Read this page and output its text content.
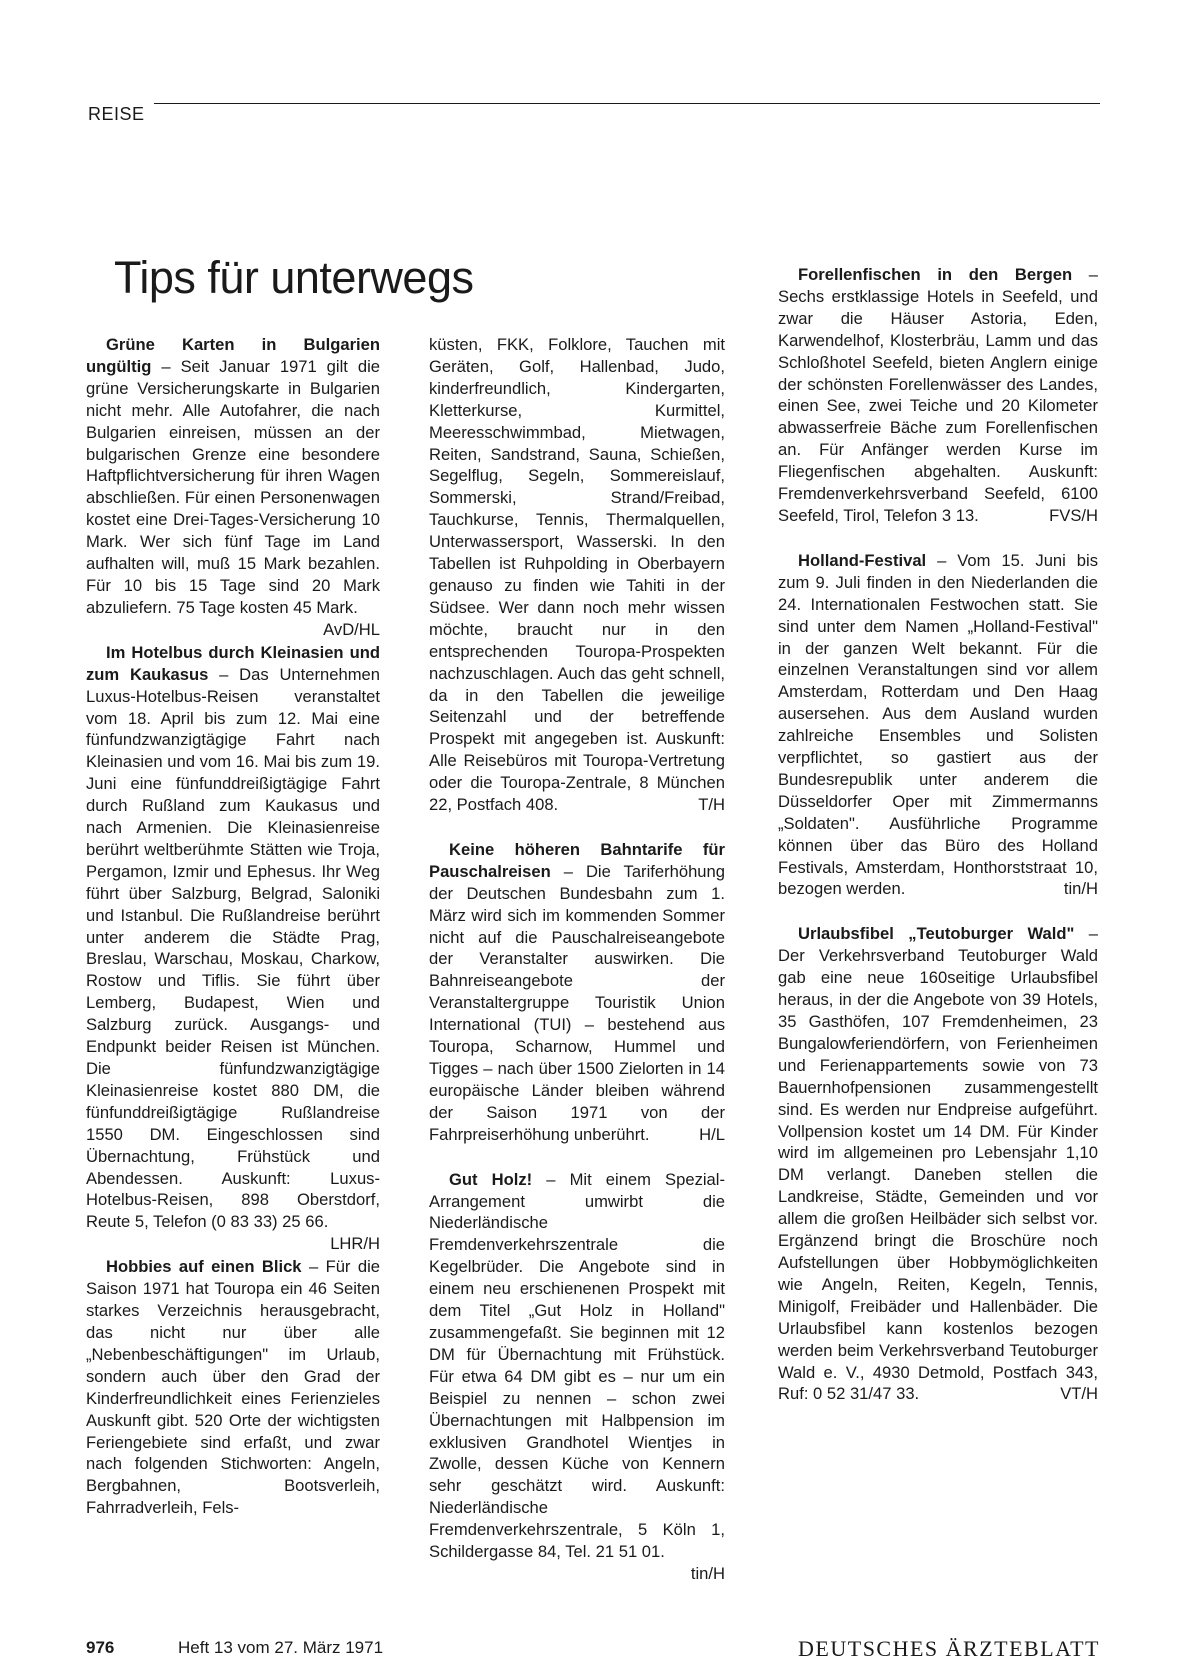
REISE
Tips für unterwegs

Grüne Karten in Bulgarien ungültig – Seit Januar 1971 gilt die grüne Versicherungskarte in Bulgarien nicht mehr. Alle Autofahrer, die nach Bulgarien einreisen, müssen an der bulgarischen Grenze eine besondere Haftpflichtversicherung für ihren Wagen abschließen. Für einen Personenwagen kostet eine Drei-Tages-Versicherung 10 Mark. Wer sich fünf Tage im Land aufhalten will, muß 15 Mark bezahlen. Für 10 bis 15 Tage sind 20 Mark abzuliefern. 75 Tage kosten 45 Mark.
AvD/HL

Im Hotelbus durch Kleinasien und zum Kaukasus – Das Unternehmen Luxus-Hotelbus-Reisen veranstaltet vom 18. April bis zum 12. Mai eine fünfundzwanzigtägige Fahrt nach Kleinasien und vom 16. Mai bis zum 19. Juni eine fünfunddreißigtägige Fahrt durch Rußland zum Kaukasus und nach Armenien. Die Kleinasienreise berührt weltberühmte Stätten wie Troja, Pergamon, Izmir und Ephesus. Ihr Weg führt über Salzburg, Belgrad, Saloniki und Istanbul. Die Rußlandreise berührt unter anderem die Städte Prag, Breslau, Warschau, Moskau, Charkow, Rostow und Tiflis. Sie führt über Lemberg, Budapest, Wien und Salzburg zurück. Ausgangs- und Endpunkt beider Reisen ist München. Die fünfundzwanzigtägige Kleinasienreise kostet 880 DM, die fünfunddreißigtägige Rußlandreise 1550 DM. Eingeschlossen sind Übernachtung, Frühstück und Abendessen. Auskunft: Luxus-Hotelbus-Reisen, 898 Oberstdorf, Reute 5, Telefon (0 83 33) 25 66.
LHR/H

Hobbies auf einen Blick – Für die Saison 1971 hat Touropa ein 46 Seiten starkes Verzeichnis herausgebracht, das nicht nur über alle „Nebenbeschäftigungen" im Urlaub, sondern auch über den Grad der Kinderfreundlichkeit eines Ferienzieles Auskunft gibt. 520 Orte der wichtigsten Feriengebiete sind erfaßt, und zwar nach folgenden Stichworten: Angeln, Bergbahnen, Bootsverleih, Fahrradverleih, Fels-

küsten, FKK, Folklore, Tauchen mit Geräten, Golf, Hallenbad, Judo, kinderfreundlich, Kindergarten, Kletterkurse, Kurmittel, Meeresschwimmbad, Mietwagen, Reiten, Sandstrand, Sauna, Schießen, Segelflug, Segeln, Sommereislauf, Sommerski, Strand/Freibad, Tauchkurse, Tennis, Thermalquellen, Unterwassersport, Wasserski. In den Tabellen ist Ruhpolding in Oberbayern genauso zu finden wie Tahiti in der Südsee. Wer dann noch mehr wissen möchte, braucht nur in den entsprechenden Touropa-Prospekten nachzuschlagen. Auch das geht schnell, da in den Tabellen die jeweilige Seitenzahl und der betreffende Prospekt mit angegeben ist. Auskunft: Alle Reisebüros mit Touropa-Vertretung oder die Touropa-Zentrale, 8 München 22, Postfach 408.	T/H

Keine höheren Bahntarife für Pauschalreisen – Die Tariferhöhung der Deutschen Bundesbahn zum 1. März wird sich im kommenden Sommer nicht auf die Pauschalreiseangebote der Veranstalter auswirken. Die Bahnreiseangebote der Veranstaltergruppe Touristik Union International (TUI) – bestehend aus Touropa, Scharnow, Hummel und Tigges – nach über 1500 Zielorten in 14 europäische Länder bleiben während der Saison 1971 von der Fahrpreiserhöhung unberührt.	H/L

Gut Holz! – Mit einem Spezial-Arrangement umwirbt die Niederländische Fremdenverkehrszentrale die Kegelbrüder. Die Angebote sind in einem neu erschienenen Prospekt mit dem Titel „Gut Holz in Holland" zusammengefaßt. Sie beginnen mit 12 DM für Übernachtung mit Frühstück. Für etwa 64 DM gibt es – nur um ein Beispiel zu nennen – schon zwei Übernachtungen mit Halbpension im exklusiven Grandhotel Wientjes in Zwolle, dessen Küche von Kennern sehr geschätzt wird. Auskunft: Niederländische Fremdenverkehrszentrale, 5 Köln 1, Schildergasse 84, Tel. 21 51 01.
tin/H

Forellenfischen in den Bergen – Sechs erstklassige Hotels in Seefeld, und zwar die Häuser Astoria, Eden, Karwendelhof, Klosterbräu, Lamm und das Schloßhotel Seefeld, bieten Anglern einige der schönsten Forellenwässer des Landes, einen See, zwei Teiche und 20 Kilometer abwasserfreie Bäche zum Forellenfischen an. Für Anfänger werden Kurse im Fliegenfischen abgehalten. Auskunft: Fremdenverkehrsverband Seefeld, 6100 Seefeld, Tirol, Telefon 3 13.	FVS/H

Holland-Festival – Vom 15. Juni bis zum 9. Juli finden in den Niederlanden die 24. Internationalen Festwochen statt. Sie sind unter dem Namen „Holland-Festival" in der ganzen Welt bekannt. Für die einzelnen Veranstaltungen sind vor allem Amsterdam, Rotterdam und Den Haag ausersehen. Aus dem Ausland wurden zahlreiche Ensembles und Solisten verpflichtet, so gastiert aus der Bundesrepublik unter anderem die Düsseldorfer Oper mit Zimmermanns „Soldaten". Ausführliche Programme können über das Büro des Holland Festivals, Amsterdam, Honthorststraat 10, bezogen werden.	tin/H

Urlaubsfibel „Teutoburger Wald" – Der Verkehrsverband Teutoburger Wald gab eine neue 160seitige Urlaubsfibel heraus, in der die Angebote von 39 Hotels, 35 Gasthöfen, 107 Fremdenheimen, 23 Bungalowferiendörfern, von Ferienheimen und Ferienappartements sowie von 73 Bauernhofpensionen zusammengestellt sind. Es werden nur Endpreise aufgeführt. Vollpension kostet um 14 DM. Für Kinder wird im allgemeinen pro Lebensjahr 1,10 DM verlangt. Daneben stellen die Landkreise, Städte, Gemeinden und vor allem die großen Heilbäder sich selbst vor. Ergänzend bringt die Broschüre noch Aufstellungen über Hobbymöglichkeiten wie Angeln, Reiten, Kegeln, Tennis, Minigolf, Freibäder und Hallenbäder. Die Urlaubsfibel kann kostenlos bezogen werden beim Verkehrsverband Teutoburger Wald e. V., 4930 Detmold, Postfach 343, Ruf: 0 52 31/47 33.	VT/H

976	Heft 13 vom 27. März 1971	DEUTSCHES ÄRZTEBLATT
